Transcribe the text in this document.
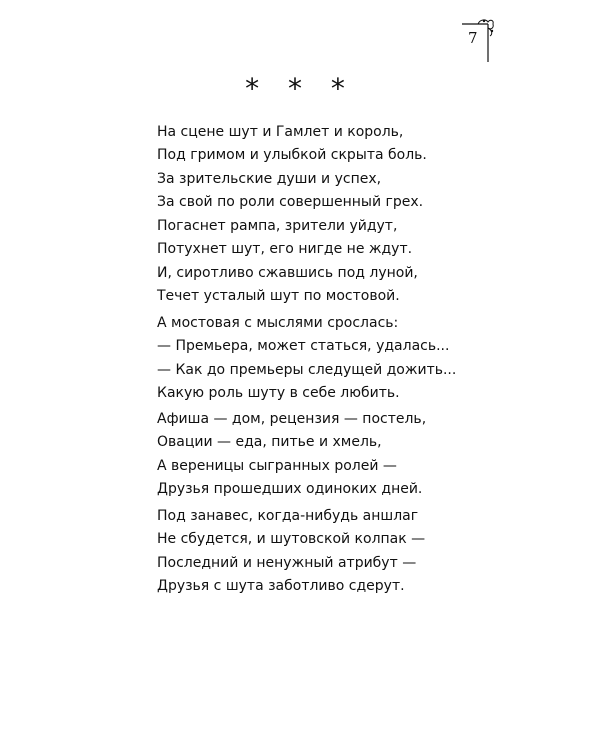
7
* * *
На сцене шут и Гамлет и король,
Под гримом и улыбкой скрыта боль.
За зрительские души и успех,
За свой по роли совершенный грех.
Погаснет рампа, зрители уйдут,
Потухнет шут, его нигде не ждут.
И, сиротливо сжавшись под луной,
Течет усталый шут по мостовой.
А мостовая с мыслями срослась:
— Премьера, может статься, удалась...
— Как до премьеры следущей дожить...
Какую роль шуту в себе любить.
Афиша — дом, рецензия — постель,
Овации — еда, питье и хмель,
А вереницы сыгранных ролей —
Друзья прошедших одиноких дней.
Под занавес, когда-нибудь аншлаг
Не сбудется, и шутовской колпак —
Последний и ненужный атрибут —
Друзья с шута заботливо сдерут.
